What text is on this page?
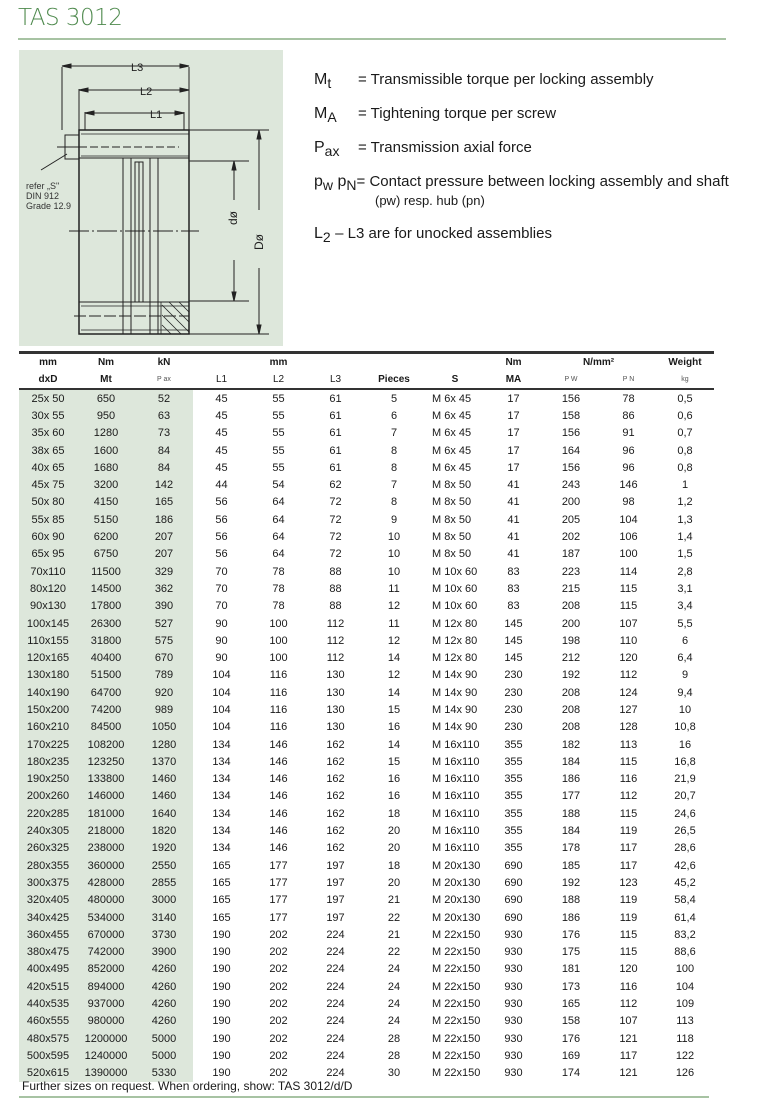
TAS 3012
L3
L2
L1
dø
Dø
refer „S"
DIN 912
Grade 12.9
$M_t$ = Transmissible torque per locking assembly
$M_A$ = Tightening torque per screw
$P_{ax}$ = Transmission axial force
$p_w$ $p_N=$ Contact pressure between locking assembly and shaft
(pw) resp. hub (pn)
$L_2 - L3$ are for unocked assemblies
mm	Nm	kN		mm				Nm	N/mm²		Weight
dxD	Mt	P ax	L1	L2	L3	Pieces	S	MA	P W	P N	kg
25x 50	650	52	45	55	61	5	M 6x 45	17	156	78	0,5
30x 55	950	63	45	55	61	6	M 6x 45	17	158	86	0,6
35x 60	1280	73	45	55	61	7	M 6x 45	17	156	91	0,7
38x 65	1600	84	45	55	61	8	M 6x 45	17	164	96	0,8
40x 65	1680	84	45	55	61	8	M 6x 45	17	156	96	0,8
45x 75	3200	142	44	54	62	7	M 8x 50	41	243	146	1
50x 80	4150	165	56	64	72	8	M 8x 50	41	200	98	1,2
55x 85	5150	186	56	64	72	9	M 8x 50	41	205	104	1,3
60x 90	6200	207	56	64	72	10	M 8x 50	41	202	106	1,4
65x 95	6750	207	56	64	72	10	M 8x 50	41	187	100	1,5
70x110	11500	329	70	78	88	10	M 10x 60	83	223	114	2,8
80x120	14500	362	70	78	88	11	M 10x 60	83	215	115	3,1
90x130	17800	390	70	78	88	12	M 10x 60	83	208	115	3,4
100x145	26300	527	90	100	112	11	M 12x 80	145	200	107	5,5
110x155	31800	575	90	100	112	12	M 12x 80	145	198	110	6
120x165	40400	670	90	100	112	14	M 12x 80	145	212	120	6,4
130x180	51500	789	104	116	130	12	M 14x 90	230	192	112	9
140x190	64700	920	104	116	130	14	M 14x 90	230	208	124	9,4
150x200	74200	989	104	116	130	15	M 14x 90	230	208	127	10
160x210	84500	1050	104	116	130	16	M 14x 90	230	208	128	10,8
170x225	108200	1280	134	146	162	14	M 16x110	355	182	113	16
180x235	123250	1370	134	146	162	15	M 16x110	355	184	115	16,8
190x250	133800	1460	134	146	162	16	M 16x110	355	186	116	21,9
200x260	146000	1460	134	146	162	16	M 16x110	355	177	112	20,7
220x285	181000	1640	134	146	162	18	M 16x110	355	188	115	24,6
240x305	218000	1820	134	146	162	20	M 16x110	355	184	119	26,5
260x325	238000	1920	134	146	162	20	M 16x110	355	178	117	28,6
280x355	360000	2550	165	177	197	18	M 20x130	690	185	117	42,6
300x375	428000	2855	165	177	197	20	M 20x130	690	192	123	45,2
320x405	480000	3000	165	177	197	21	M 20x130	690	188	119	58,4
340x425	534000	3140	165	177	197	22	M 20x130	690	186	119	61,4
360x455	670000	3730	190	202	224	21	M 22x150	930	176	115	83,2
380x475	742000	3900	190	202	224	22	M 22x150	930	175	115	88,6
400x495	852000	4260	190	202	224	24	M 22x150	930	181	120	100
420x515	894000	4260	190	202	224	24	M 22x150	930	173	116	104
440x535	937000	4260	190	202	224	24	M 22x150	930	165	112	109
460x555	980000	4260	190	202	224	24	M 22x150	930	158	107	113
480x575	1200000	5000	190	202	224	28	M 22x150	930	176	121	118
500x595	1240000	5000	190	202	224	28	M 22x150	930	169	117	122
520x615	1390000	5330	190	202	224	30	M 22x150	930	174	121	126
Further sizes on request. When ordering, show: TAS 3012/d/D
